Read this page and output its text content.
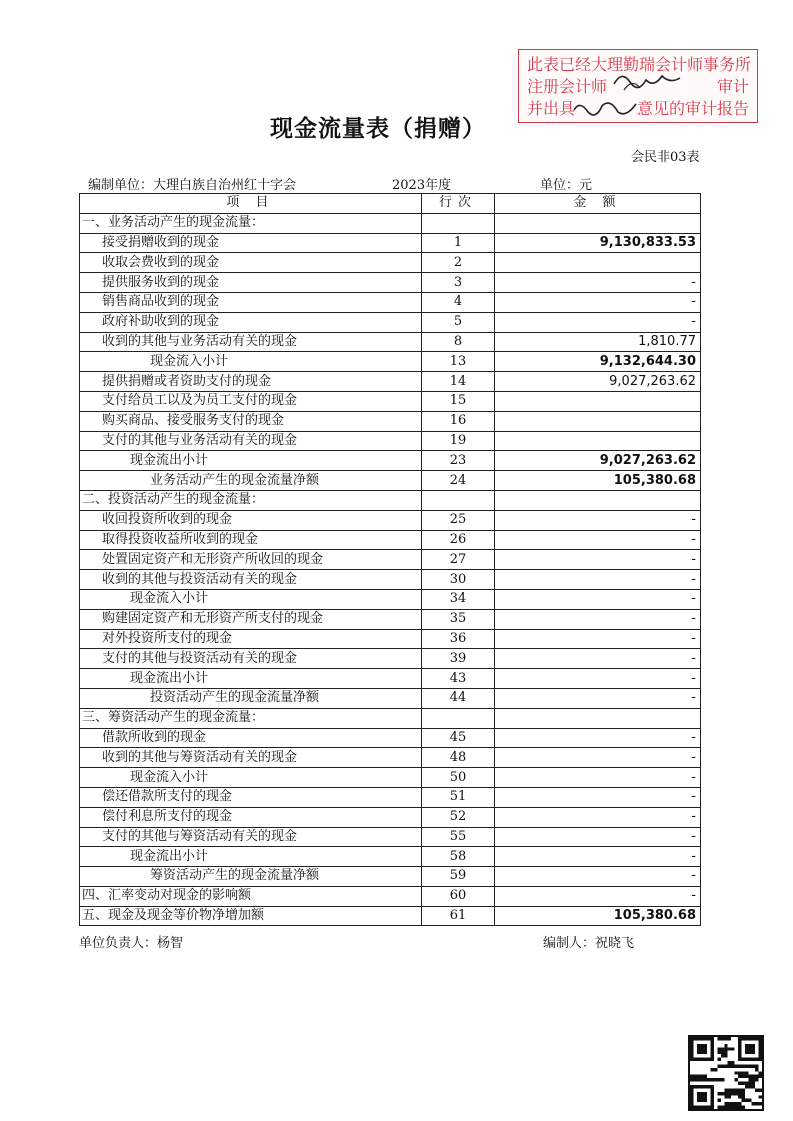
此表已经大理勤瑞会计师事务所
注册会计师	审计
并出具	意见的审计报告
现金流量表（捐赠）
会民非03表
编制单位：大理白族自治州红十字会	2023年度	单位：元
项 目	行次	金 额
一、业务活动产生的现金流量：		
接受捐赠收到的现金	1	9,130,833.53
收取会费收到的现金	2	
提供服务收到的现金	3	-
销售商品收到的现金	4	-
政府补助收到的现金	5	-
收到的其他与业务活动有关的现金	8	1,810.77
现金流入小计	13	9,132,644.30
提供捐赠或者资助支付的现金	14	9,027,263.62
支付给员工以及为员工支付的现金	15	
购买商品、接受服务支付的现金	16	
支付的其他与业务活动有关的现金	19	
现金流出小计	23	9,027,263.62
业务活动产生的现金流量净额	24	105,380.68
二、投资活动产生的现金流量：		
收回投资所收到的现金	25	-
取得投资收益所收到的现金	26	-
处置固定资产和无形资产所收回的现金	27	-
收到的其他与投资活动有关的现金	30	-
现金流入小计	34	-
购建固定资产和无形资产所支付的现金	35	-
对外投资所支付的现金	36	-
支付的其他与投资活动有关的现金	39	-
现金流出小计	43	-
投资活动产生的现金流量净额	44	-
三、筹资活动产生的现金流量：		
借款所收到的现金	45	-
收到的其他与筹资活动有关的现金	48	-
现金流入小计	50	-
偿还借款所支付的现金	51	-
偿付利息所支付的现金	52	-
支付的其他与筹资活动有关的现金	55	-
现金流出小计	58	-
筹资活动产生的现金流量净额	59	-
四、汇率变动对现金的影响额	60	-
五、现金及现金等价物净增加额	61	105,380.68
单位负责人：杨智	编制人：祝晓飞
